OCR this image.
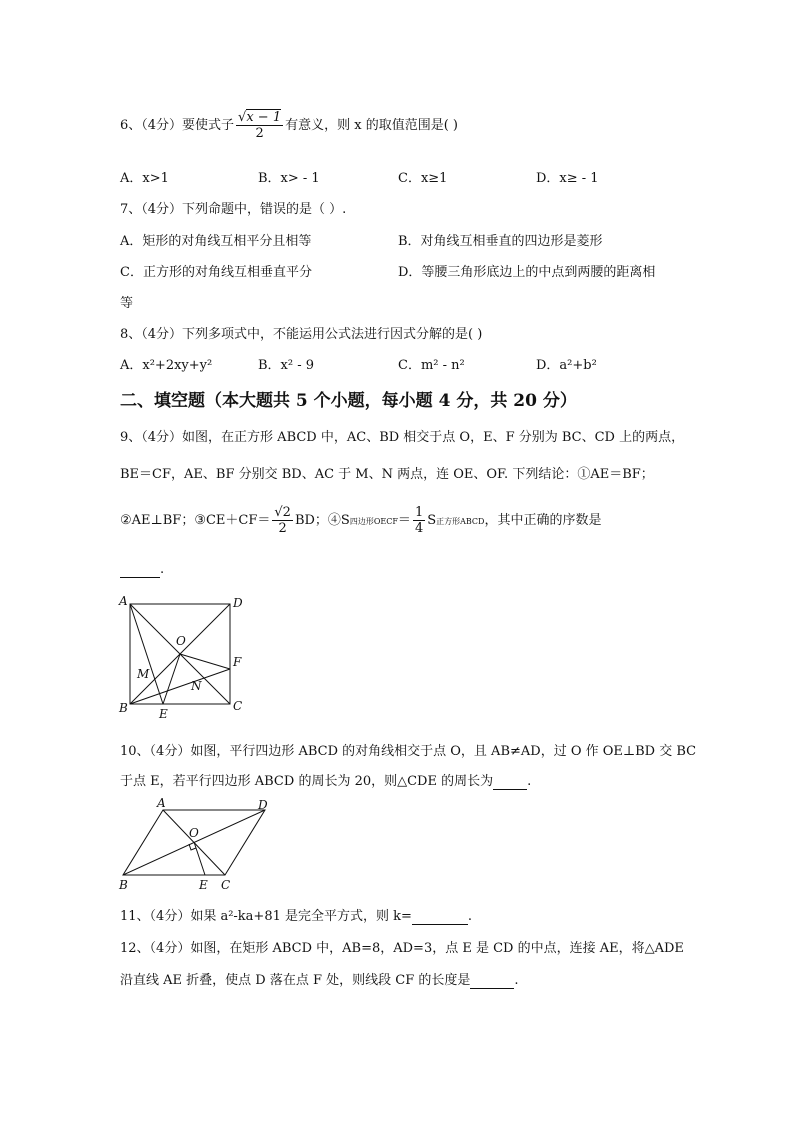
6、（4分）要使式子 $\frac{√x - 1}{2}$ 有意义，则 x 的取值范围是( )
A．x>1	B．x> - 1	C．x≥1	D．x≥ - 1
7、（4分）下列命题中，错误的是（ ）.
A．矩形的对角线互相平分且相等	B．对角线互相垂直的四边形是菱形
C．正方形的对角线互相垂直平分	D．等腰三角形底边上的中点到两腰的距离相
等
8、（4分）下列多项式中，不能运用公式法进行因式分解的是( )
A．x²+2xy+y²	B．x² - 9	C．m² - n²	D．a²+b²
二、填空题（本大题共 5 个小题，每小题 4 分，共 20 分）
9、（4分）如图，在正方形 ABCD 中，AC、BD 相交于点 O，E、F 分别为 BC、CD 上的两点，
BE＝CF，AE、BF 分别交 BD、AC 于 M、N 两点，连 OE、OF. 下列结论：①AE＝BF；
②AE⊥BF；③CE＋CF＝ $\frac{√2}{2}$ BD；④S四边形OECF＝ $\frac{1}{4}$ S正方形ABCD，其中正确的序数是
.
A	D
B	C
O
E
F
M
N
10、（4分）如图，平行四边形 ABCD 的对角线相交于点 O，且 AB≠AD，过 O 作 OE⊥BD 交 BC
于点 E，若平行四边形 ABCD 的周长为 20，则△CDE 的周长为	.
A	D
O
B	E C
11、（4分）如果 a²-ka+81 是完全平方式，则 k=	.
12、（4分）如图，在矩形 ABCD 中，AB=8，AD=3，点 E 是 CD 的中点，连接 AE，将△ADE
沿直线 AE 折叠，使点 D 落在点 F 处，则线段 CF 的长度是	.
